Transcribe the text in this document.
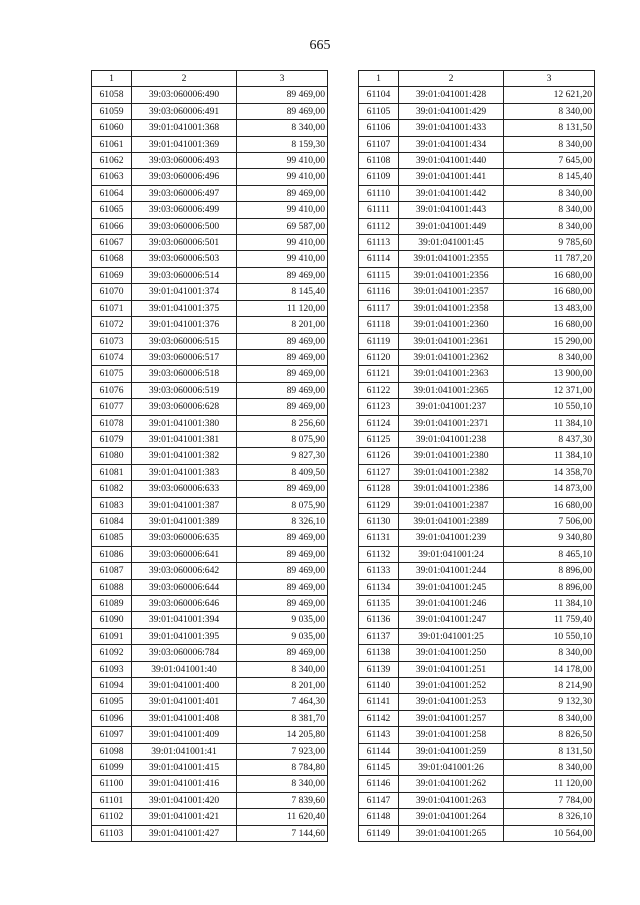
665
1	2	3
61058	39:03:060006:490	89 469,00
61059	39:03:060006:491	89 469,00
61060	39:01:041001:368	8 340,00
61061	39:01:041001:369	8 159,30
61062	39:03:060006:493	99 410,00
61063	39:03:060006:496	99 410,00
61064	39:03:060006:497	89 469,00
61065	39:03:060006:499	99 410,00
61066	39:03:060006:500	69 587,00
61067	39:03:060006:501	99 410,00
61068	39:03:060006:503	99 410,00
61069	39:03:060006:514	89 469,00
61070	39:01:041001:374	8 145,40
61071	39:01:041001:375	11 120,00
61072	39:01:041001:376	8 201,00
61073	39:03:060006:515	89 469,00
61074	39:03:060006:517	89 469,00
61075	39:03:060006:518	89 469,00
61076	39:03:060006:519	89 469,00
61077	39:03:060006:628	89 469,00
61078	39:01:041001:380	8 256,60
61079	39:01:041001:381	8 075,90
61080	39:01:041001:382	9 827,30
61081	39:01:041001:383	8 409,50
61082	39:03:060006:633	89 469,00
61083	39:01:041001:387	8 075,90
61084	39:01:041001:389	8 326,10
61085	39:03:060006:635	89 469,00
61086	39:03:060006:641	89 469,00
61087	39:03:060006:642	89 469,00
61088	39:03:060006:644	89 469,00
61089	39:03:060006:646	89 469,00
61090	39:01:041001:394	9 035,00
61091	39:01:041001:395	9 035,00
61092	39:03:060006:784	89 469,00
61093	39:01:041001:40	8 340,00
61094	39:01:041001:400	8 201,00
61095	39:01:041001:401	7 464,30
61096	39:01:041001:408	8 381,70
61097	39:01:041001:409	14 205,80
61098	39:01:041001:41	7 923,00
61099	39:01:041001:415	8 784,80
61100	39:01:041001:416	8 340,00
61101	39:01:041001:420	7 839,60
61102	39:01:041001:421	11 620,40
61103	39:01:041001:427	7 144,60
1	2	3
61104	39:01:041001:428	12 621,20
61105	39:01:041001:429	8 340,00
61106	39:01:041001:433	8 131,50
61107	39:01:041001:434	8 340,00
61108	39:01:041001:440	7 645,00
61109	39:01:041001:441	8 145,40
61110	39:01:041001:442	8 340,00
61111	39:01:041001:443	8 340,00
61112	39:01:041001:449	8 340,00
61113	39:01:041001:45	9 785,60
61114	39:01:041001:2355	11 787,20
61115	39:01:041001:2356	16 680,00
61116	39:01:041001:2357	16 680,00
61117	39:01:041001:2358	13 483,00
61118	39:01:041001:2360	16 680,00
61119	39:01:041001:2361	15 290,00
61120	39:01:041001:2362	8 340,00
61121	39:01:041001:2363	13 900,00
61122	39:01:041001:2365	12 371,00
61123	39:01:041001:237	10 550,10
61124	39:01:041001:2371	11 384,10
61125	39:01:041001:238	8 437,30
61126	39:01:041001:2380	11 384,10
61127	39:01:041001:2382	14 358,70
61128	39:01:041001:2386	14 873,00
61129	39:01:041001:2387	16 680,00
61130	39:01:041001:2389	7 506,00
61131	39:01:041001:239	9 340,80
61132	39:01:041001:24	8 465,10
61133	39:01:041001:244	8 896,00
61134	39:01:041001:245	8 896,00
61135	39:01:041001:246	11 384,10
61136	39:01:041001:247	11 759,40
61137	39:01:041001:25	10 550,10
61138	39:01:041001:250	8 340,00
61139	39:01:041001:251	14 178,00
61140	39:01:041001:252	8 214,90
61141	39:01:041001:253	9 132,30
61142	39:01:041001:257	8 340,00
61143	39:01:041001:258	8 826,50
61144	39:01:041001:259	8 131,50
61145	39:01:041001:26	8 340,00
61146	39:01:041001:262	11 120,00
61147	39:01:041001:263	7 784,00
61148	39:01:041001:264	8 326,10
61149	39:01:041001:265	10 564,00
